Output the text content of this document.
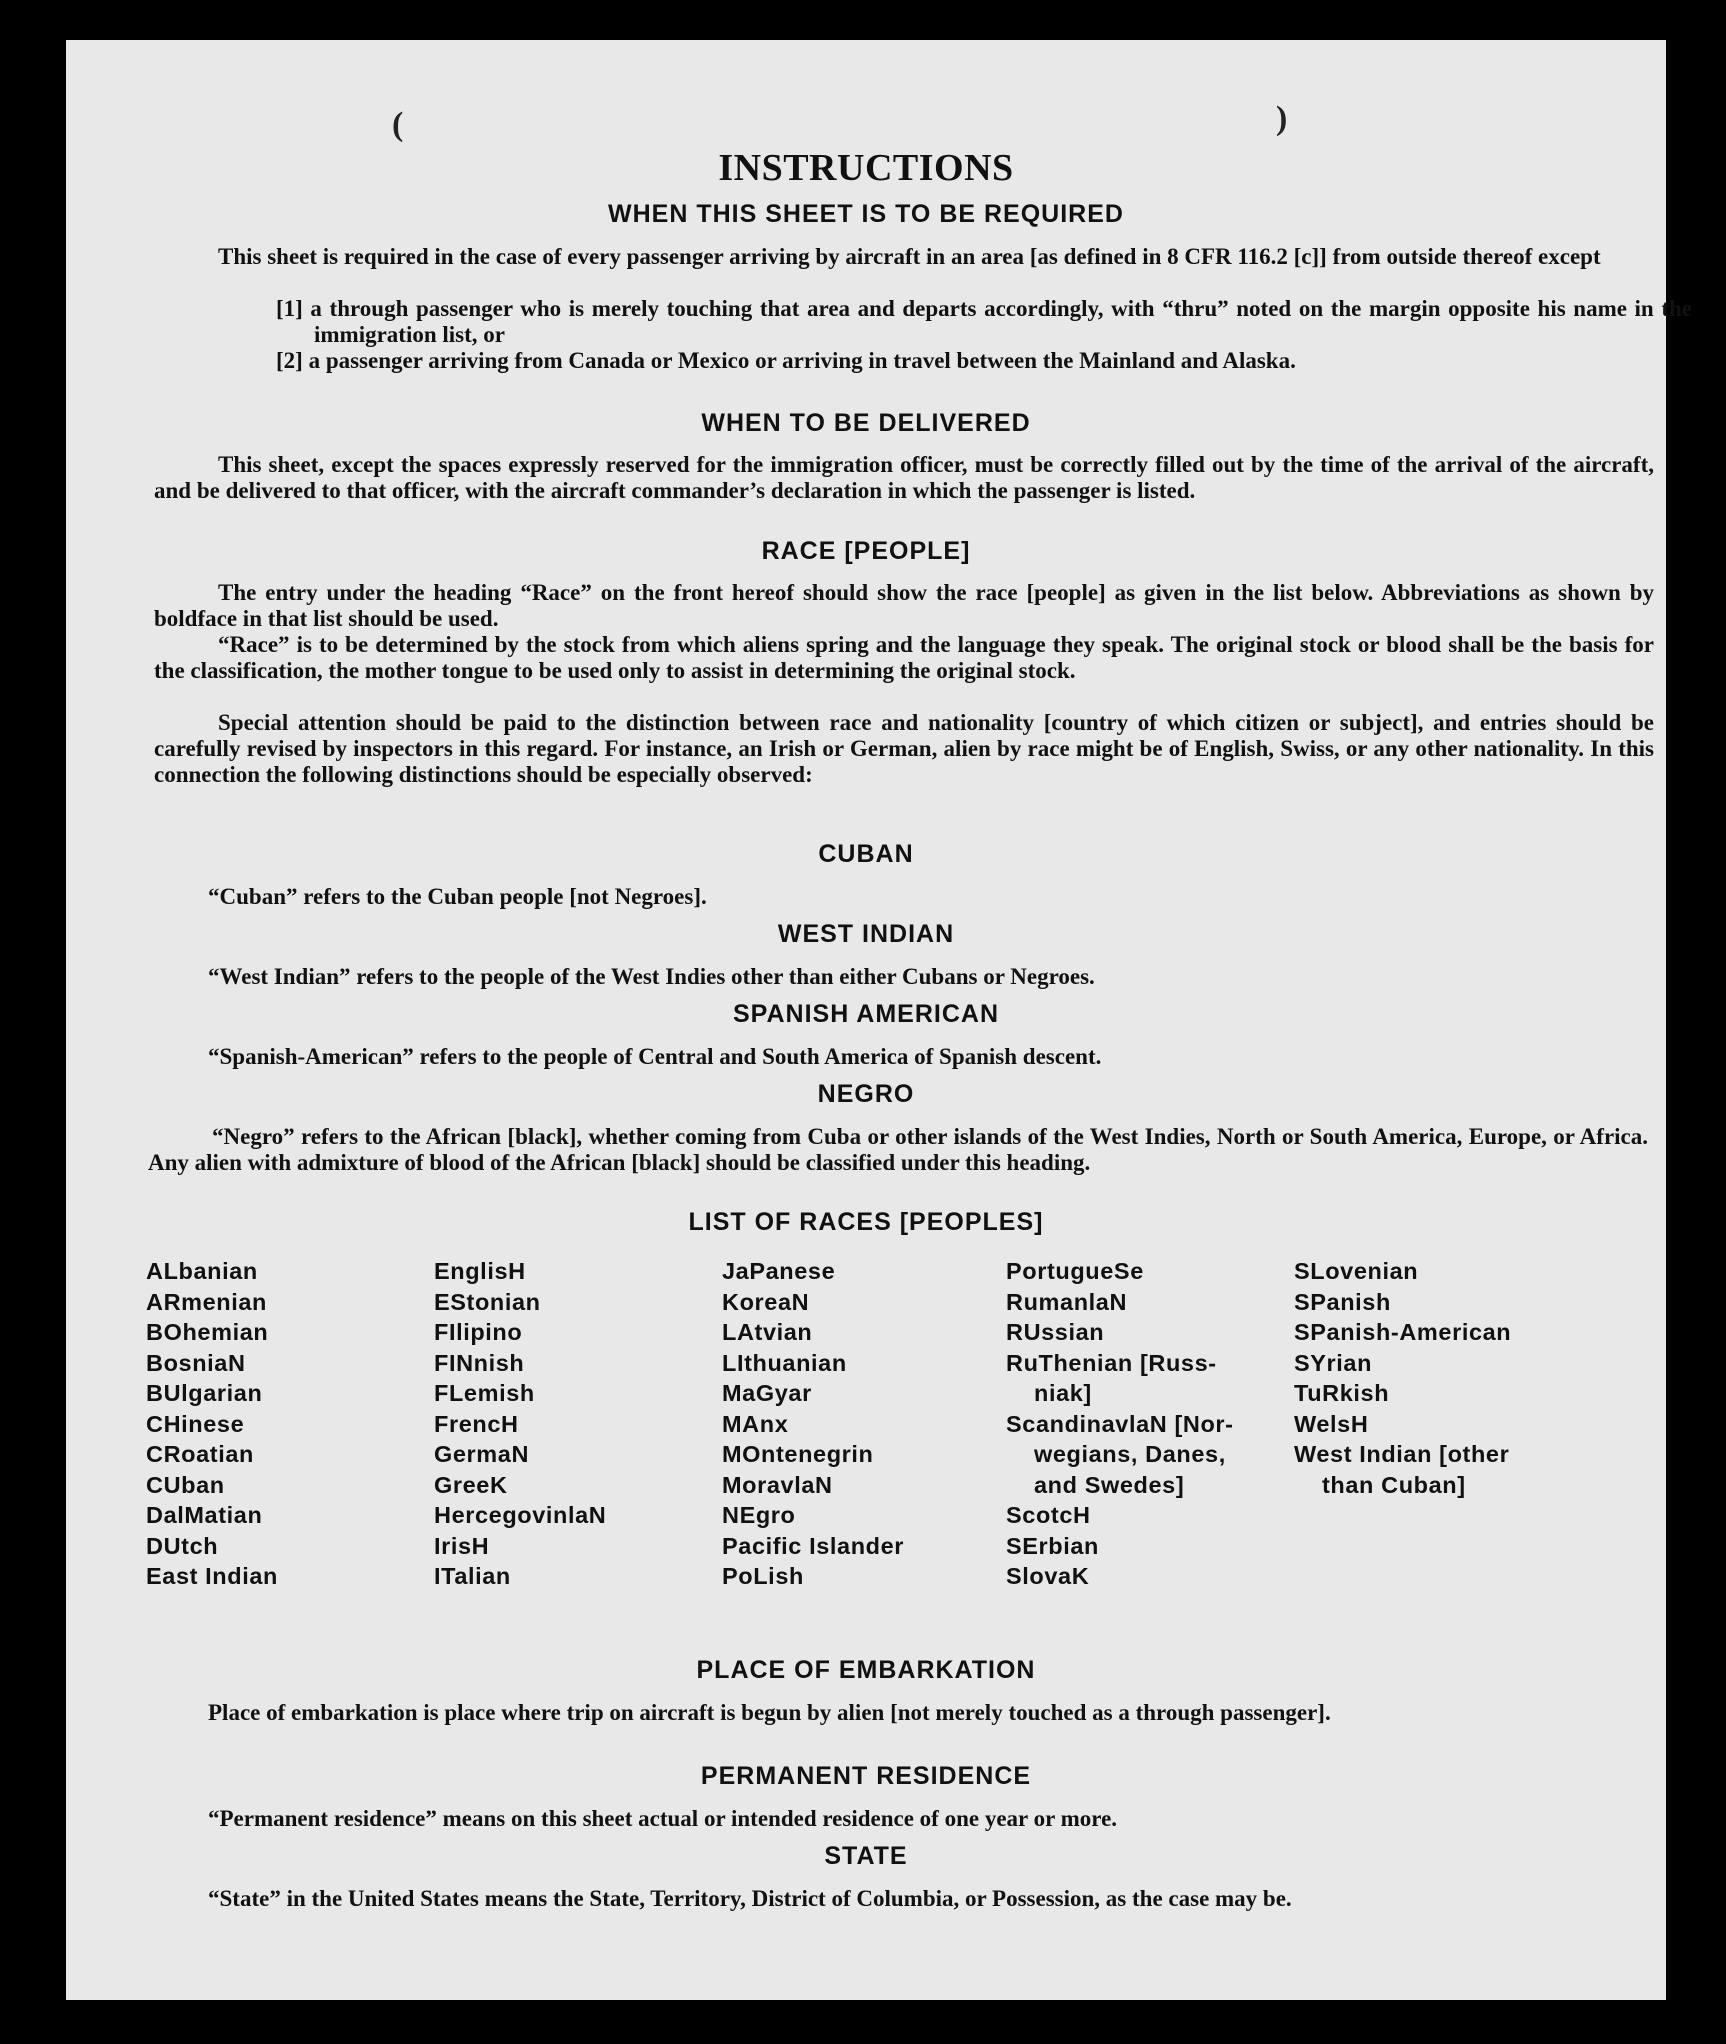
(	)
INSTRUCTIONS
WHEN THIS SHEET IS TO BE REQUIRED
This sheet is required in the case of every passenger arriving by aircraft in an area [as defined in 8 CFR 116.2 [c]] from outside thereof except
[1] a through passenger who is merely touching that area and departs accordingly, with “thru” noted on the margin opposite his name in the immigration list, or
[2] a passenger arriving from Canada or Mexico or arriving in travel between the Mainland and Alaska.
WHEN TO BE DELIVERED
This sheet, except the spaces expressly reserved for the immigration officer, must be correctly filled out by the time of the arrival of the aircraft, and be delivered to that officer, with the aircraft commander’s declaration in which the passenger is listed.
RACE [PEOPLE]
The entry under the heading “Race” on the front hereof should show the race [people] as given in the list below. Abbreviations as shown by boldface in that list should be used.
“Race” is to be determined by the stock from which aliens spring and the language they speak. The original stock or blood shall be the basis for the classification, the mother tongue to be used only to assist in determining the original stock.
Special attention should be paid to the distinction between race and nationality [country of which citizen or subject], and entries should be carefully revised by inspectors in this regard. For instance, an Irish or German, alien by race might be of English, Swiss, or any other nationality. In this connection the following distinctions should be especially observed:
CUBAN
“Cuban” refers to the Cuban people [not Negroes].
WEST INDIAN
“West Indian” refers to the people of the West Indies other than either Cubans or Negroes.
SPANISH AMERICAN
“Spanish-American” refers to the people of Central and South America of Spanish descent.
NEGRO
“Negro” refers to the African [black], whether coming from Cuba or other islands of the West Indies, North or South America, Europe, or Africa. Any alien with admixture of blood of the African [black] should be classified under this heading.
LIST OF RACES [PEOPLES]
ALbanian
ARmenian
BOhemian
BosniaN
BUlgarian
CHinese
CRoatian
CUban
DalMatian
DUtch
East Indian
EnglisH
EStonian
FIlipino
FINnish
FLemish
FrencH
GermaN
GreeK
HercegovinlaN
IrisH
ITalian
JaPanese
KoreaN
LAtvian
LIthuanian
MaGyar
MAnx
MOntenegrin
MoravlaN
NEgro
Pacific Islander
PoLish
PortugueSe
RumanlaN
RUssian
RuThenian [Russ-
niak]
ScandinavlaN [Nor-
wegians, Danes,
and Swedes]
ScotcH
SErbian
SlovaK
SLovenian
SPanish
SPanish-American
SYrian
TuRkish
WelsH
West Indian [other
than Cuban]
PLACE OF EMBARKATION
Place of embarkation is place where trip on aircraft is begun by alien [not merely touched as a through passenger].
PERMANENT RESIDENCE
“Permanent residence” means on this sheet actual or intended residence of one year or more.
STATE
“State” in the United States means the State, Territory, District of Columbia, or Possession, as the case may be.
